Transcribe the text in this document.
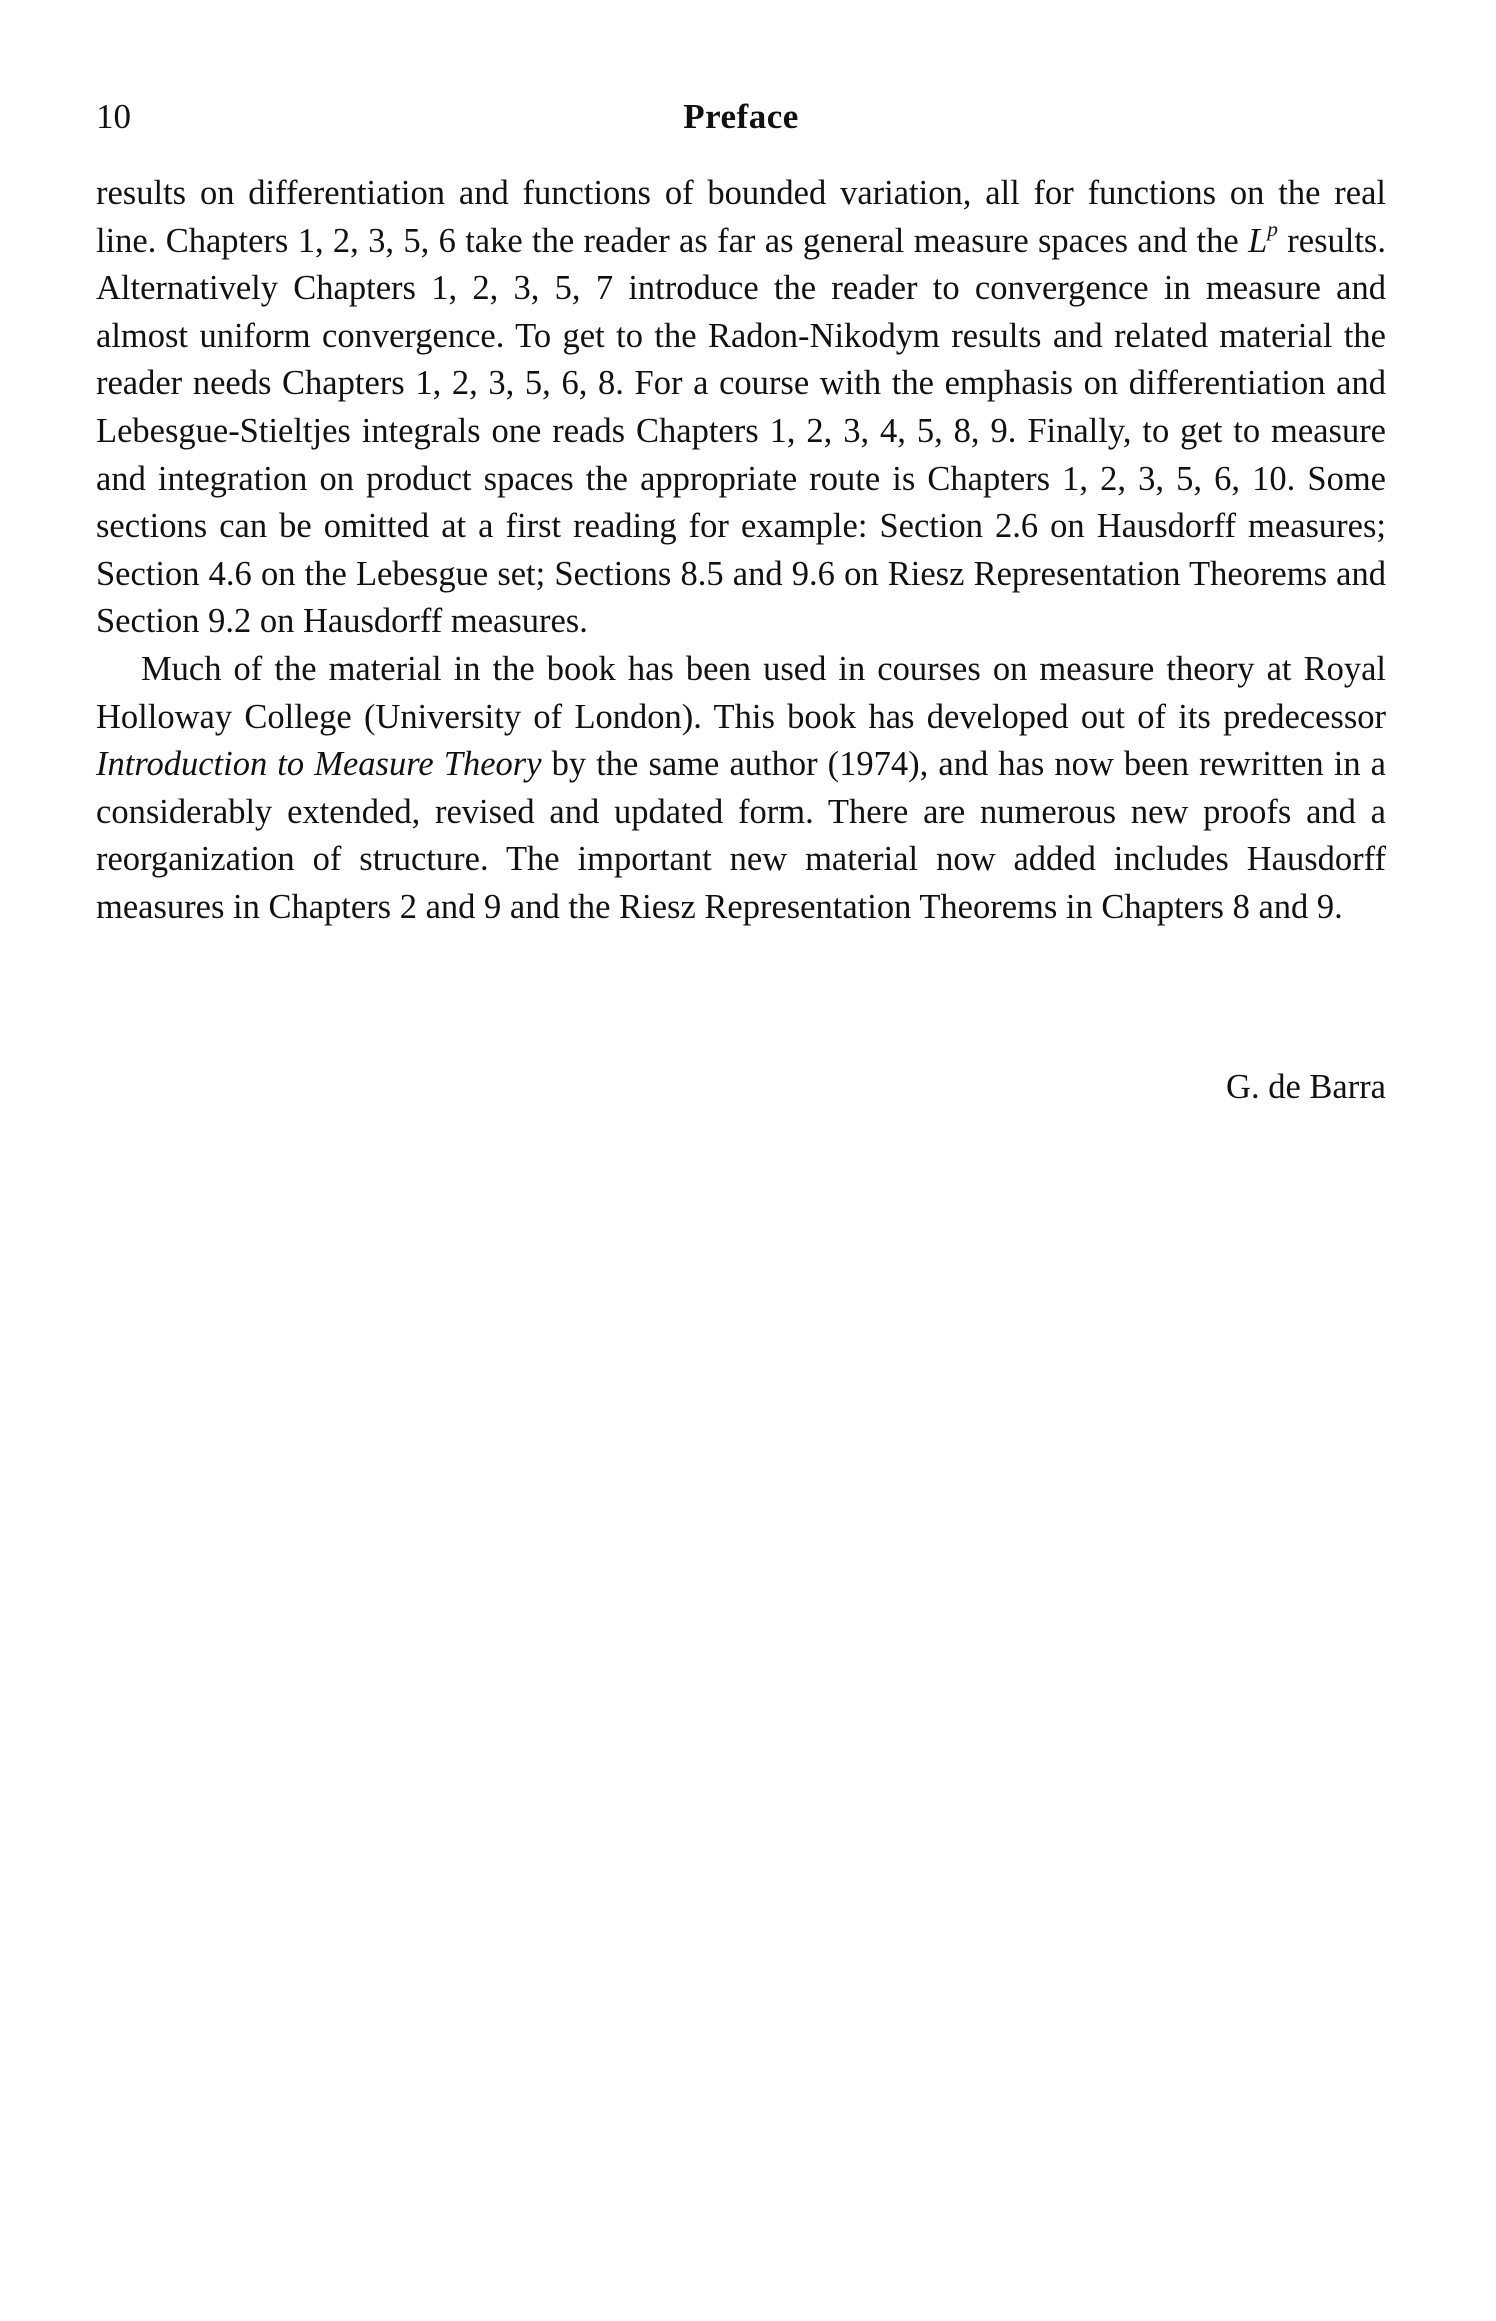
10	Preface

results on differentiation and functions of bounded variation, all for functions on the real line. Chapters 1, 2, 3, 5, 6 take the reader as far as general measure spaces and the $L^p$ results. Alternatively Chapters 1, 2, 3, 5, 7 introduce the reader to convergence in measure and almost uniform convergence. To get to the Radon-Nikodym results and related material the reader needs Chapters 1, 2, 3, 5, 6, 8. For a course with the emphasis on differentiation and Lebesgue-Stieltjes integrals one reads Chapters 1, 2, 3, 4, 5, 8, 9. Finally, to get to measure and integration on product spaces the appropriate route is Chapters 1, 2, 3, 5, 6, 10. Some sections can be omitted at a first reading for example: Section 2.6 on Hausdorff measures; Section 4.6 on the Lebesgue set; Sections 8.5 and 9.6 on Riesz Representation Theorems and Section 9.2 on Hausdorff measures.

Much of the material in the book has been used in courses on measure theory at Royal Holloway College (University of London). This book has developed out of its predecessor Introduction to Measure Theory by the same author (1974), and has now been rewritten in a considerably extended, revised and updated form. There are numerous new proofs and a reorganization of structure. The important new material now added includes Hausdorff measures in Chapters 2 and 9 and the Riesz Representation Theorems in Chapters 8 and 9.

G. de Barra
